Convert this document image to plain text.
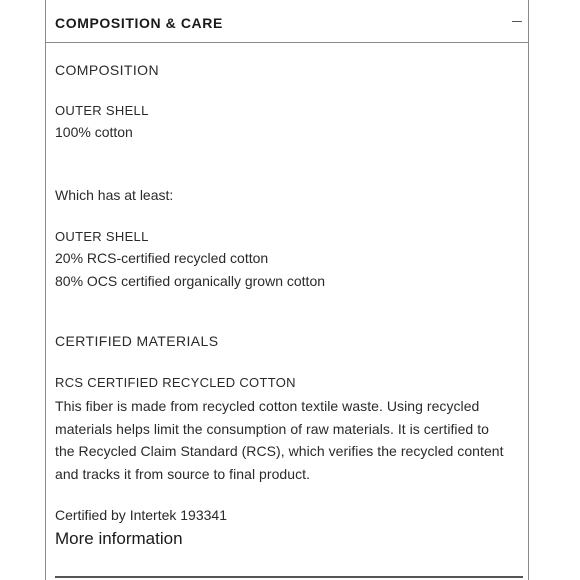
COMPOSITION & CARE
COMPOSITION
OUTER SHELL
100% cotton
Which has at least:
OUTER SHELL
20% RCS-certified recycled cotton
80% OCS certified organically grown cotton
CERTIFIED MATERIALS
RCS CERTIFIED RECYCLED COTTON
This fiber is made from recycled cotton textile waste. Using recycled
materials helps limit the consumption of raw materials. It is certified to
the Recycled Claim Standard (RCS), which verifies the recycled content
and tracks it from source to final product.
Certified by Intertek 193341
More information
